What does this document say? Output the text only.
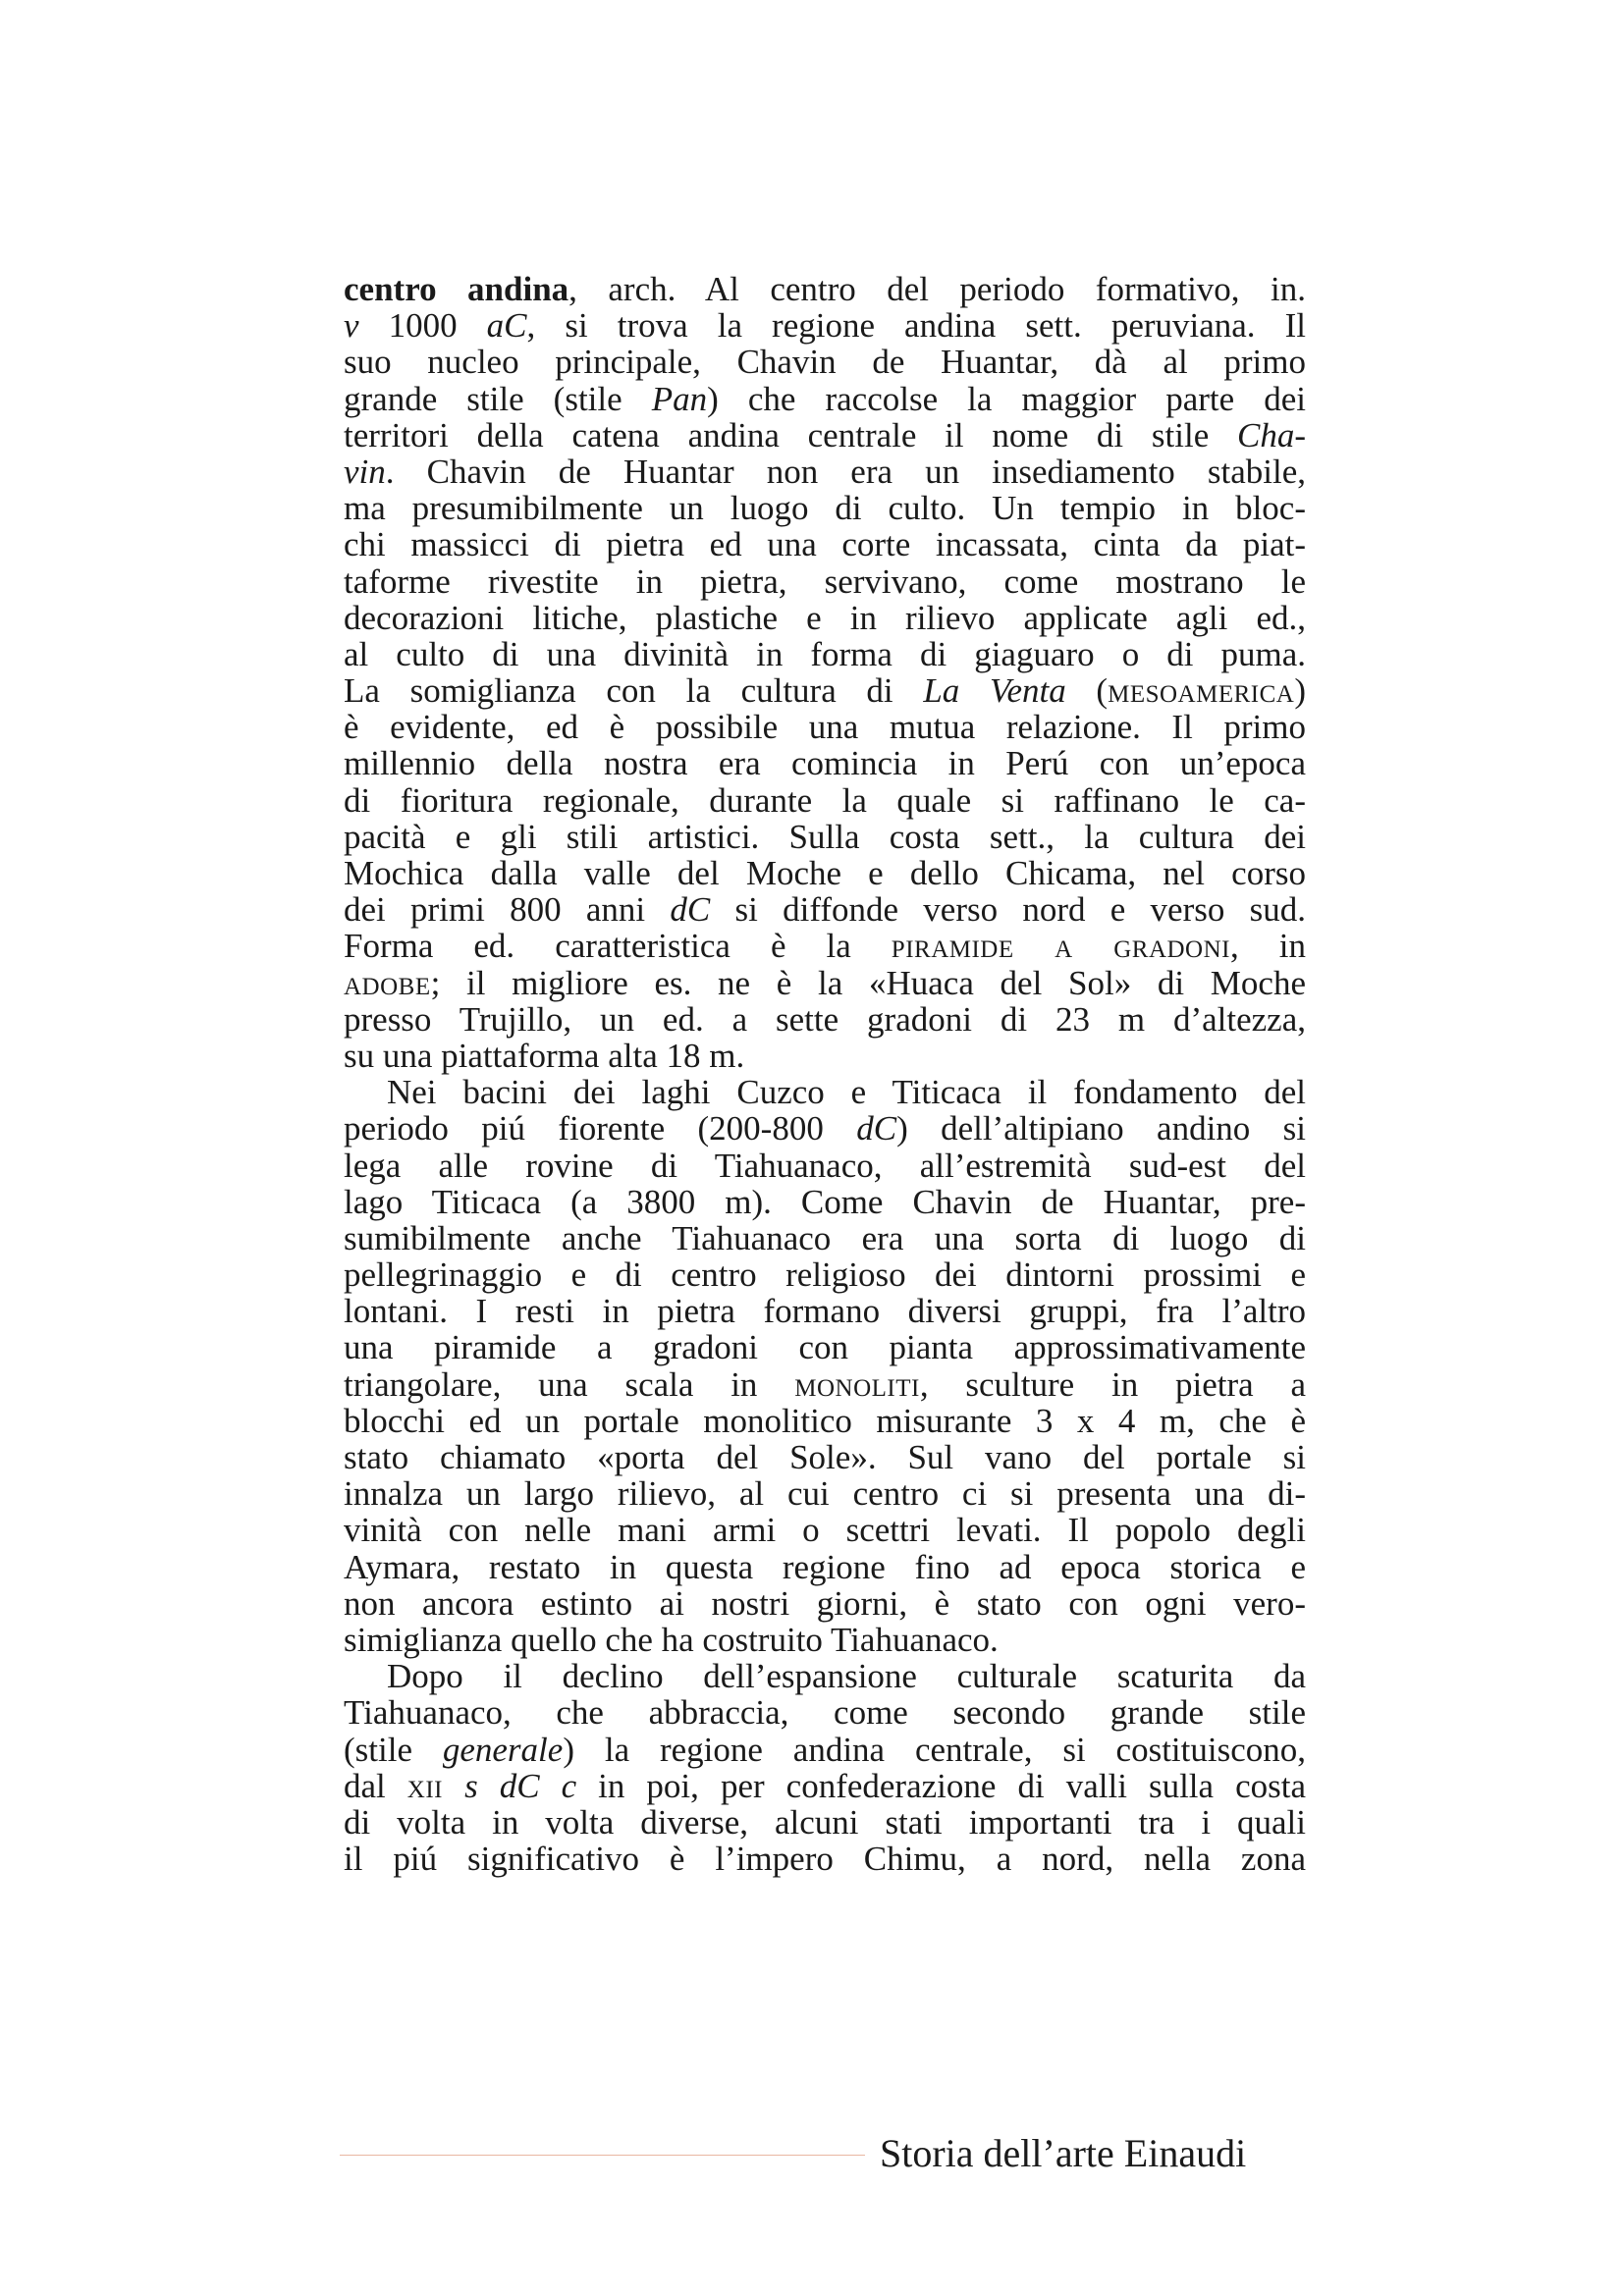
centro andina, arch. Al centro del periodo formativo, in.
v 1000 aC, si trova la regione andina sett. peruviana. Il
suo nucleo principale, Chavin de Huantar, dà al primo
grande stile (stile Pan) che raccolse la maggior parte dei
territori della catena andina centrale il nome di stile Cha-
vin. Chavin de Huantar non era un insediamento stabile,
ma presumibilmente un luogo di culto. Un tempio in bloc-
chi massicci di pietra ed una corte incassata, cinta da piat-
taforme rivestite in pietra, servivano, come mostrano le
decorazioni litiche, plastiche e in rilievo applicate agli ed.,
al culto di una divinità in forma di giaguaro o di puma.
La somiglianza con la cultura di La Venta (mesoamerica)
è evidente, ed è possibile una mutua relazione. Il primo
millennio della nostra era comincia in Perú con un’epoca
di fioritura regionale, durante la quale si raffinano le ca-
pacità e gli stili artistici. Sulla costa sett., la cultura dei
Mochica dalla valle del Moche e dello Chicama, nel corso
dei primi 800 anni dC si diffonde verso nord e verso sud.
Forma ed. caratteristica è la piramide a gradoni, in
adobe; il migliore es. ne è la «Huaca del Sol» di Moche
presso Trujillo, un ed. a sette gradoni di 23 m d’altezza,
su una piattaforma alta 18 m.
Nei bacini dei laghi Cuzco e Titicaca il fondamento del
periodo piú fiorente (200-800 dC) dell’altipiano andino si
lega alle rovine di Tiahuanaco, all’estremità sud-est del
lago Titicaca (a 3800 m). Come Chavin de Huantar, pre-
sumibilmente anche Tiahuanaco era una sorta di luogo di
pellegrinaggio e di centro religioso dei dintorni prossimi e
lontani. I resti in pietra formano diversi gruppi, fra l’altro
una piramide a gradoni con pianta approssimativamente
triangolare, una scala in monoliti, sculture in pietra a
blocchi ed un portale monolitico misurante 3 x 4 m, che è
stato chiamato «porta del Sole». Sul vano del portale si
innalza un largo rilievo, al cui centro ci si presenta una di-
vinità con nelle mani armi o scettri levati. Il popolo degli
Aymara, restato in questa regione fino ad epoca storica e
non ancora estinto ai nostri giorni, è stato con ogni vero-
simiglianza quello che ha costruito Tiahuanaco.
Dopo il declino dell’espansione culturale scaturita da
Tiahuanaco, che abbraccia, come secondo grande stile
(stile generale) la regione andina centrale, si costituiscono,
dal xii s dC c in poi, per confederazione di valli sulla costa
di volta in volta diverse, alcuni stati importanti tra i quali
il piú significativo è l’impero Chimu, a nord, nella zona
Storia dell’arte Einaudi
